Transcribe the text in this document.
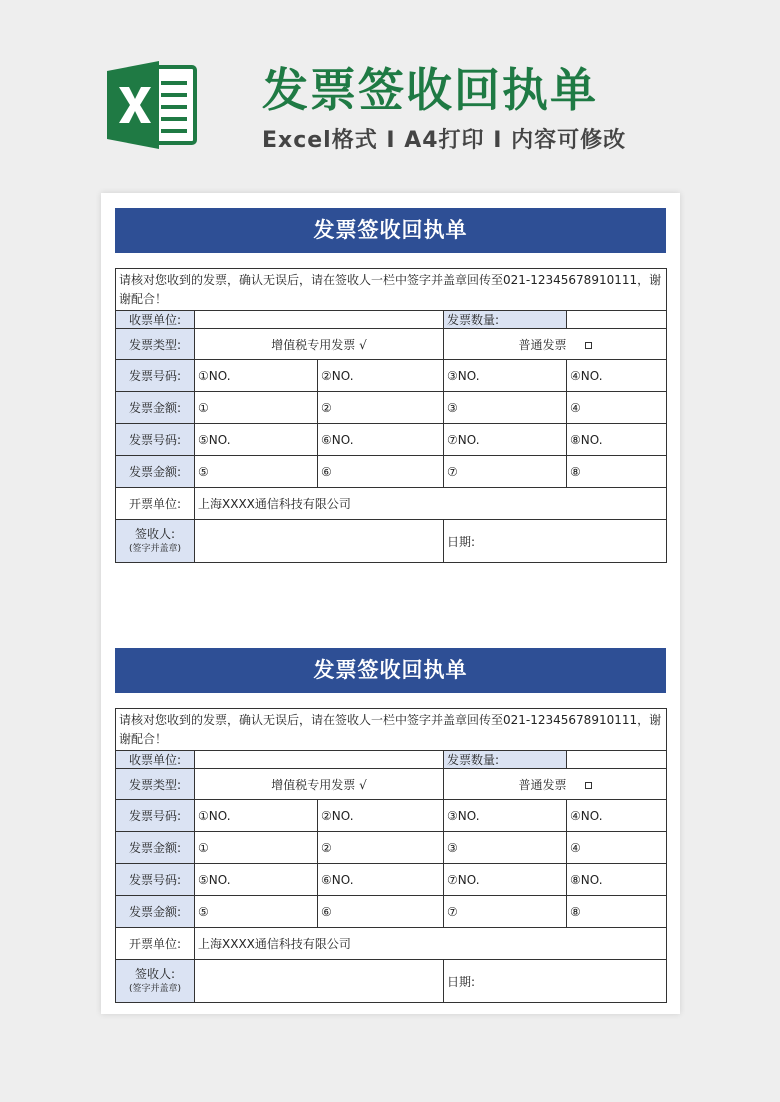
发票签收回执单
Excel格式 I A4打印 I 内容可修改
发票签收回执单
请核对您收到的发票，确认无误后，请在签收人一栏中签字并盖章回传至021-12345678910111，谢谢配合！				
收票单位:			发票数量:	
发票类型:	增值税专用发票 √		普通发票	
发票号码:	①NO.	②NO.	③NO.	④NO.
发票金额:	①	②	③	④
发票号码:	⑤NO.	⑥NO.	⑦NO.	⑧NO.
发票金额:	⑤	⑥	⑦	⑧
开票单位:	上海XXXX通信科技有限公司			

签收人:
(签字并盖章)			日期:	
发票签收回执单
请核对您收到的发票，确认无误后，请在签收人一栏中签字并盖章回传至021-12345678910111，谢谢配合！				
收票单位:			发票数量:	
发票类型:	增值税专用发票 √		普通发票	
发票号码:	①NO.	②NO.	③NO.	④NO.
发票金额:	①	②	③	④
发票号码:	⑤NO.	⑥NO.	⑦NO.	⑧NO.
发票金额:	⑤	⑥	⑦	⑧
开票单位:	上海XXXX通信科技有限公司			

签收人:
(签字并盖章)			日期:	
